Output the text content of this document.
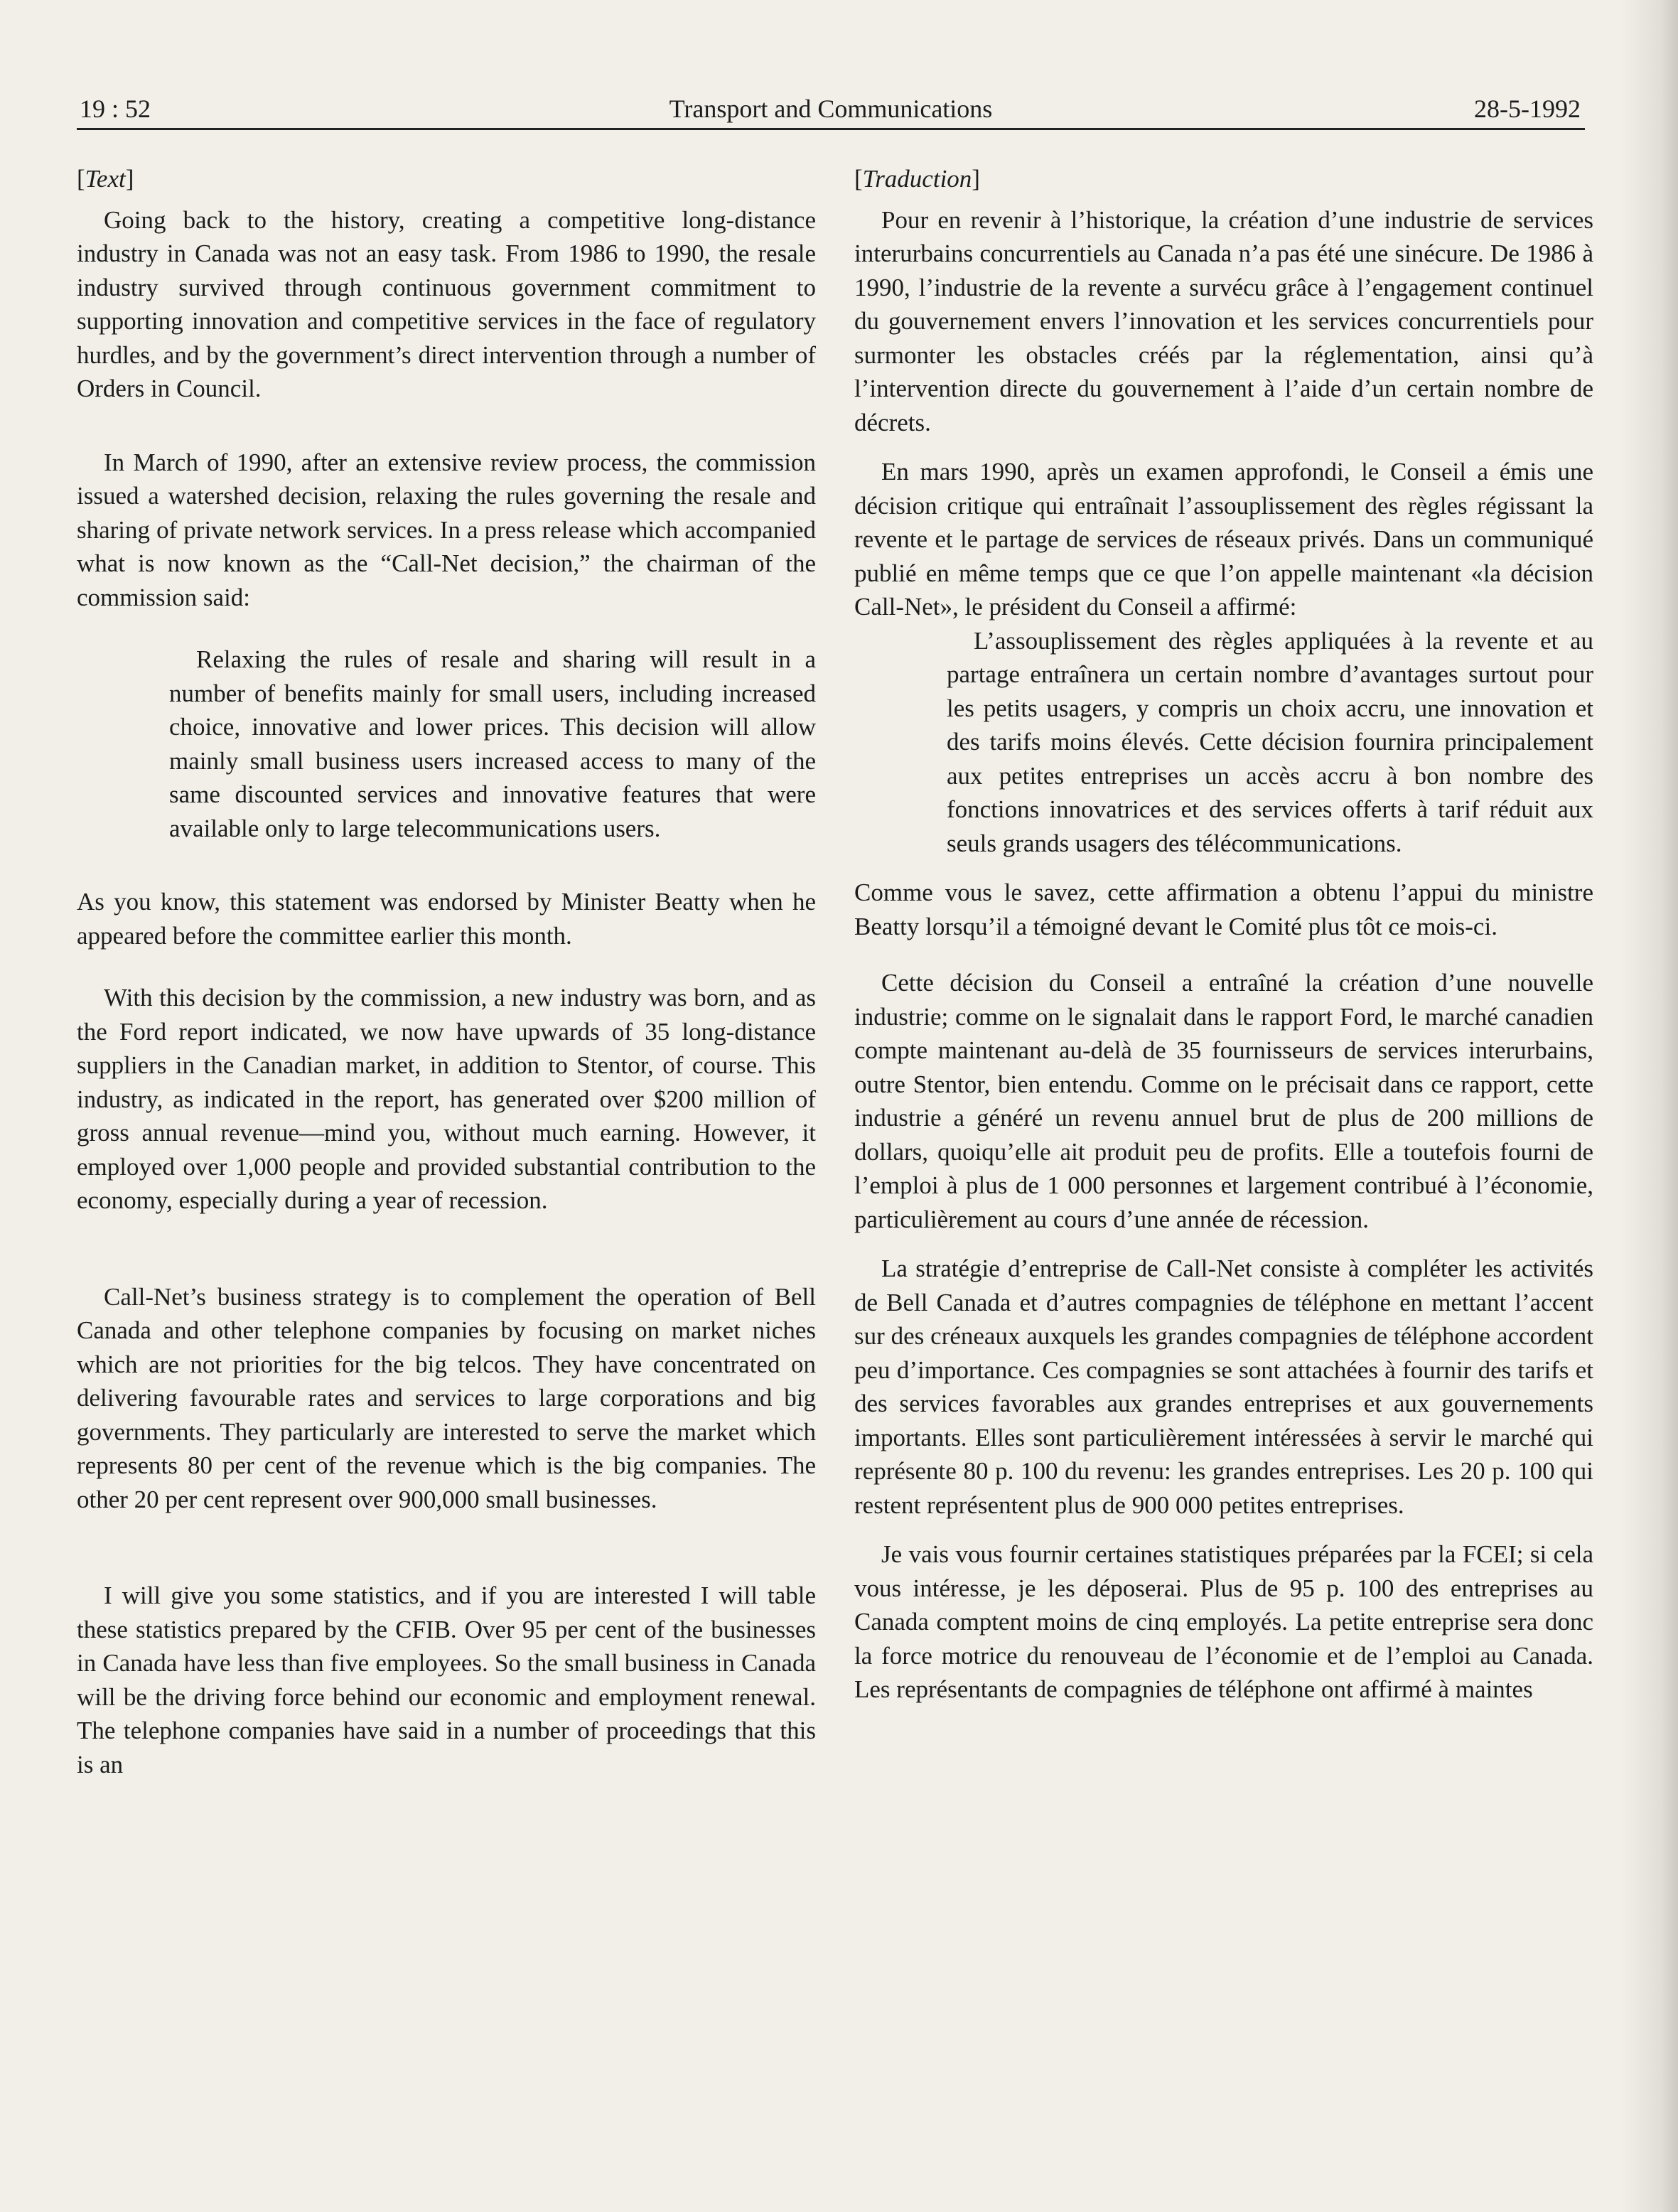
19 : 52	Transport and Communications	28-5-1992

[Text]

Going back to the history, creating a competitive long-distance industry in Canada was not an easy task. From 1986 to 1990, the resale industry survived through continuous government commitment to supporting innovation and competitive services in the face of regulatory hurdles, and by the government’s direct intervention through a number of Orders in Council.

In March of 1990, after an extensive review process, the commission issued a watershed decision, relaxing the rules governing the resale and sharing of private network services. In a press release which accompanied what is now known as the “Call-Net decision,” the chairman of the commission said:

Relaxing the rules of resale and sharing will result in a number of benefits mainly for small users, including increased choice, innovative and lower prices. This decision will allow mainly small business users increased access to many of the same discounted services and innovative features that were available only to large telecommunications users.

As you know, this statement was endorsed by Minister Beatty when he appeared before the committee earlier this month.

With this decision by the commission, a new industry was born, and as the Ford report indicated, we now have upwards of 35 long-distance suppliers in the Canadian market, in addition to Stentor, of course. This industry, as indicated in the report, has generated over $200 million of gross annual revenue—mind you, without much earning. However, it employed over 1,000 people and provided substantial contribution to the economy, especially during a year of recession.

Call-Net’s business strategy is to complement the operation of Bell Canada and other telephone companies by focusing on market niches which are not priorities for the big telcos. They have concentrated on delivering favourable rates and services to large corporations and big governments. They particularly are interested to serve the market which represents 80 per cent of the revenue which is the big companies. The other 20 per cent represent over 900,000 small businesses.

I will give you some statistics, and if you are interested I will table these statistics prepared by the CFIB. Over 95 per cent of the businesses in Canada have less than five employees. So the small business in Canada will be the driving force behind our economic and employment renewal. The telephone companies have said in a number of proceedings that this is an

[Traduction]

Pour en revenir à l’historique, la création d’une industrie de services interurbains concurrentiels au Canada n’a pas été une sinécure. De 1986 à 1990, l’industrie de la revente a survécu grâce à l’engagement continuel du gouvernement envers l’innovation et les services concurrentiels pour surmonter les obstacles créés par la réglementation, ainsi qu’à l’intervention directe du gouvernement à l’aide d’un certain nombre de décrets.

En mars 1990, après un examen approfondi, le Conseil a émis une décision critique qui entraînait l’assouplissement des règles régissant la revente et le partage de services de réseaux privés. Dans un communiqué publié en même temps que ce que l’on appelle maintenant «la décision Call-Net», le président du Conseil a affirmé:

L’assouplissement des règles appliquées à la revente et au partage entraînera un certain nombre d’avantages surtout pour les petits usagers, y compris un choix accru, une innovation et des tarifs moins élevés. Cette décision fournira principalement aux petites entreprises un accès accru à bon nombre des fonctions innovatrices et des services offerts à tarif réduit aux seuls grands usagers des télécommunications.

Comme vous le savez, cette affirmation a obtenu l’appui du ministre Beatty lorsqu’il a témoigné devant le Comité plus tôt ce mois-ci.

Cette décision du Conseil a entraîné la création d’une nouvelle industrie; comme on le signalait dans le rapport Ford, le marché canadien compte maintenant au-delà de 35 fournisseurs de services interurbains, outre Stentor, bien entendu. Comme on le précisait dans ce rapport, cette industrie a généré un revenu annuel brut de plus de 200 millions de dollars, quoiqu’elle ait produit peu de profits. Elle a toutefois fourni de l’emploi à plus de 1 000 personnes et largement contribué à l’économie, particulièrement au cours d’une année de récession.

La stratégie d’entreprise de Call-Net consiste à compléter les activités de Bell Canada et d’autres compagnies de téléphone en mettant l’accent sur des créneaux auxquels les grandes compagnies de téléphone accordent peu d’importance. Ces compagnies se sont attachées à fournir des tarifs et des services favorables aux grandes entreprises et aux gouvernements importants. Elles sont particulièrement intéressées à servir le marché qui représente 80 p. 100 du revenu: les grandes entreprises. Les 20 p. 100 qui restent représentent plus de 900 000 petites entreprises.

Je vais vous fournir certaines statistiques préparées par la FCEI; si cela vous intéresse, je les déposerai. Plus de 95 p. 100 des entreprises au Canada comptent moins de cinq employés. La petite entreprise sera donc la force motrice du renouveau de l’économie et de l’emploi au Canada. Les représentants de compagnies de téléphone ont affirmé à maintes
